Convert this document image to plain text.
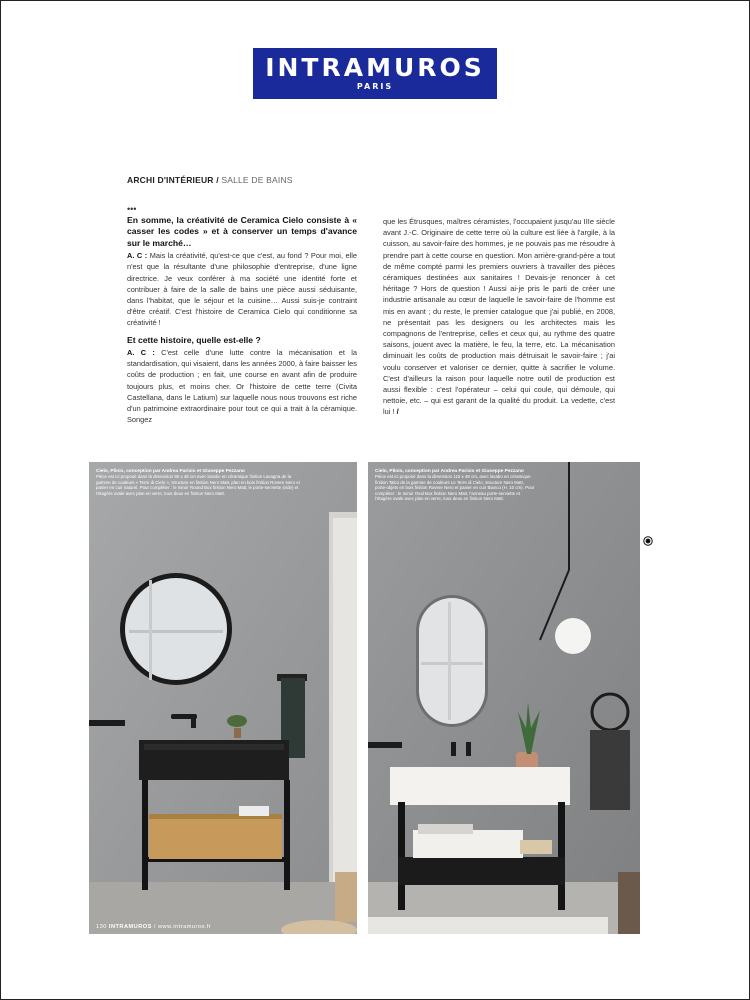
INTRAMUROS
PARIS
ARCHI D'INTÉRIEUR / SALLE DE BAINS
•••
En somme, la créativité de Ceramica Cielo consiste à « casser les codes » et à conserver un temps d'avance sur le marché…
A. C : Mais la créativité, qu'est-ce que c'est, au fond ? Pour moi, elle n'est que la résultante d'une philosophie d'entreprise, d'une ligne directrice. Je veux conférer à ma société une identité forte et contribuer à faire de la salle de bains une pièce aussi séduisante, dans l'habitat, que le séjour et la cuisine… Aussi suis-je contraint d'être créatif. C'est l'histoire de Ceramica Cielo qui conditionne sa créativité !
Et cette histoire, quelle est-elle ?
A. C : C'est celle d'une lutte contre la mécanisation et la standardisation, qui visaient, dans les années 2000, à faire baisser les coûts de production ; en fait, une course en avant afin de produire toujours plus, et moins cher. Or l'histoire de cette terre (Civita Castellana, dans le Latium) sur laquelle nous nous trouvons est riche d'un patrimoine extraordinaire pour tout ce qui a trait à la céramique. Songez
que les Étrusques, maîtres céramistes, l'occupaient jusqu'au IIIe siècle avant J.-C. Originaire de cette terre où la culture est liée à l'argile, à la cuisson, au savoir-faire des hommes, je ne pouvais pas me résoudre à prendre part à cette course en question. Mon arrière-grand-père a tout de même compté parmi les premiers ouvriers à travailler des pièces céramiques destinées aux sanitaires ! Devais-je renoncer à cet héritage ? Hors de question ! Aussi ai-je pris le parti de créer une industrie artisanale au cœur de laquelle le savoir-faire de l'homme est mis en avant ; du reste, le premier catalogue que j'ai publié, en 2008, ne présentait pas les designers ou les architectes mais les compagnons de l'entreprise, celles et ceux qui, au rythme des quatre saisons, jouent avec la matière, le feu, la terre, etc. La mécanisation diminuait les coûts de production mais détruisait le savoir-faire ; j'ai voulu conserver et valoriser ce dernier, quitte à sacrifier le volume. C'est d'ailleurs la raison pour laquelle notre outil de production est aussi flexible : c'est l'opérateur – celui qui coule, qui démoule, qui nettoie, etc. – qui est garant de la qualité du produit. La vedette, c'est lui ! /
Cielo, Plinio, conception par Andrea Parisio et Giuseppe Pezzano
Pièce est ici proposé dans la dimension 85 x 48 cm avec lavabo en céramique finition Lavagna de la gamme de couleurs « Terre di Cielo », structure en finition Nero Matt, plan en bois finition Rovere Nero et panier en cuir naturel. Pour compléter : le miroir Round Box finition Nero Matt, le porte-serviette (vide) et l'étagère ovale avec plan en verre, tous deux en finition Nero Matt.
130 INTRAMUROS / www.intramuros.fr
Cielo, Plinio, conception par Andrea Parisio et Giuseppe Pezzano
Pièce est ici proposé dans la dimension 115 x 48 cm, avec lavabo en céramique finition Talco de la gamme de couleurs Le Terre di Cielo, structure Nero Matt, porte-objets en bois finition Rovere Nero et panier en cuir Bianco (H. 10 cm). Pour compléter : le miroir Oval Box finition Nero Matt, l'anneau porte-serviette et l'étagère ovale avec plan en verre, tous deux en finition Nero Matt.
